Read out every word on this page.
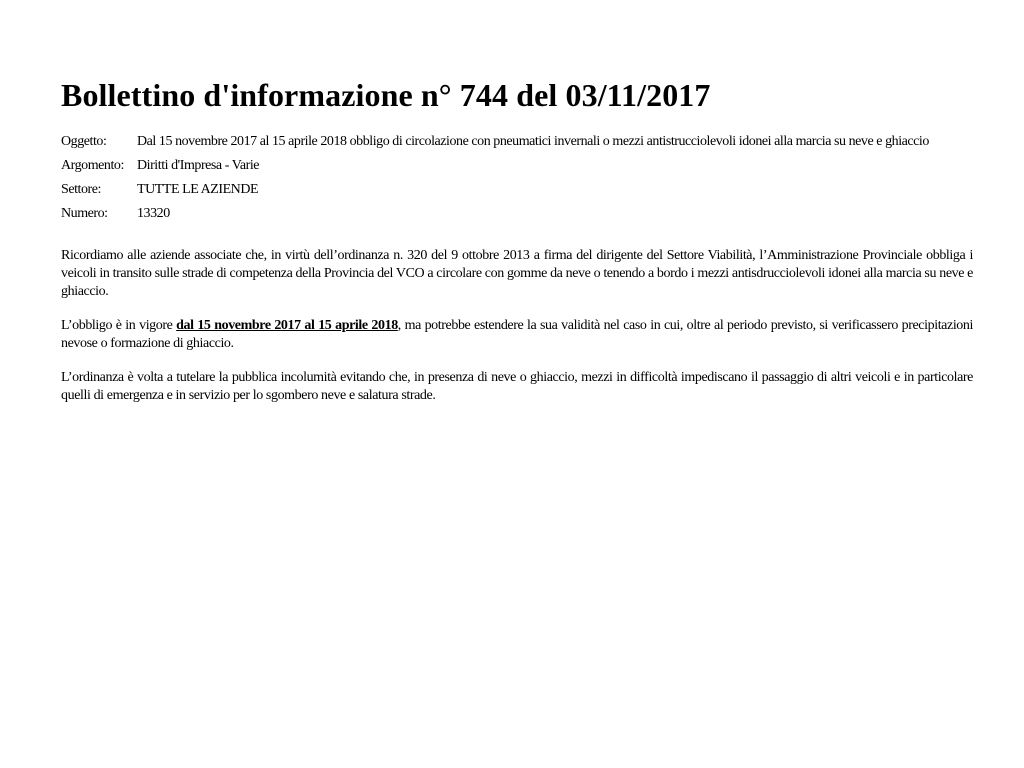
Bollettino d'informazione n° 744 del 03/11/2017
Oggetto:	Dal 15 novembre 2017 al 15 aprile 2018 obbligo di circolazione con pneumatici invernali o mezzi antistrucciolevoli idonei alla marcia su neve e ghiaccio
Argomento:	Diritti d'Impresa - Varie
Settore:	TUTTE LE AZIENDE
Numero:	13320

Ricordiamo alle aziende associate che, in virtù dell’ordinanza n. 320 del 9 ottobre 2013 a firma del dirigente del Settore Viabilità, l’Amministrazione Provinciale obbliga i veicoli in transito sulle strade di competenza della Provincia del VCO a circolare con gomme da neve o tenendo a bordo i mezzi antisdrucciolevoli idonei alla marcia su neve e ghiaccio.

L’obbligo è in vigore dal 15 novembre 2017 al 15 aprile 2018, ma potrebbe estendere la sua validità nel caso in cui, oltre al periodo previsto, si verificassero precipitazioni nevose o formazione di ghiaccio.

L’ordinanza è volta a tutelare la pubblica incolumità evitando che, in presenza di neve o ghiaccio, mezzi in difficoltà impediscano il passaggio di altri veicoli e in particolare quelli di emergenza e in servizio per lo sgombero neve e salatura strade.
